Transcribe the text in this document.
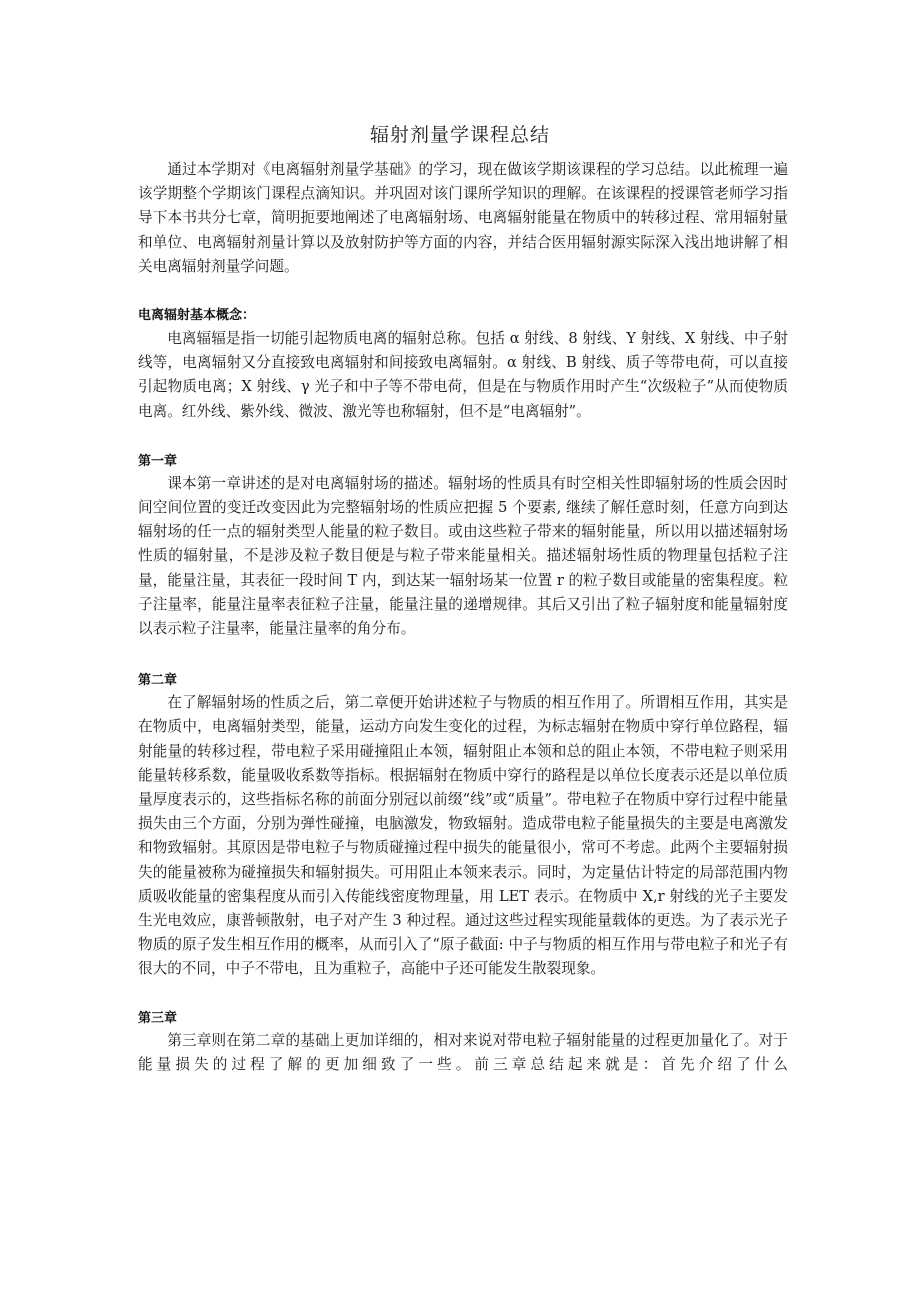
辐射剂量学课程总结

通过本学期对《电离辐射剂量学基础》的学习，现在做该学期该课程的学习总结。以此梳理一遍该学期整个学期该门课程点滴知识。并巩固对该门课所学知识的理解。在该课程的授课管老师学习指导下本书共分七章，简明扼要地阐述了电离辐射场、电离辐射能量在物质中的转移过程、常用辐射量和单位、电离辐射剂量计算以及放射防护等方面的内容，并结合医用辐射源实际深入浅出地讲解了相关电离辐射剂量学问题。

电离辐射基本概念：

电离辐辐是指一切能引起物质电离的辐射总称。包括 α 射线、8 射线、Y 射线、X 射线、中子射线等，电离辐射又分直接致电离辐射和间接致电离辐射。α 射线、B 射线、质子等带电荷，可以直接引起物质电离；X 射线、γ 光子和中子等不带电荷，但是在与物质作用时产生“次级粒子”从而使物质电离。红外线、紫外线、微波、激光等也称辐射，但不是“电离辐射”。

第一章

课本第一章讲述的是对电离辐射场的描述。辐射场的性质具有时空相关性即辐射场的性质会因时间空间位置的变迁改变因此为完整辐射场的性质应把握 5 个要素, 继续了解任意时刻，任意方向到达辐射场的任一点的辐射类型人能量的粒子数目。或由这些粒子带来的辐射能量，所以用以描述辐射场性质的辐射量，不是涉及粒子数目便是与粒子带来能量相关。描述辐射场性质的物理量包括粒子注量，能量注量，其表征一段时间 T 内，到达某一辐射场某一位置 r 的粒子数目或能量的密集程度。粒子注量率，能量注量率表征粒子注量，能量注量的递增规律。其后又引出了粒子辐射度和能量辐射度以表示粒子注量率，能量注量率的角分布。

第二章

在了解辐射场的性质之后，第二章便开始讲述粒子与物质的相互作用了。所谓相互作用，其实是在物质中，电离辐射类型，能量，运动方向发生变化的过程，为标志辐射在物质中穿行单位路程，辐射能量的转移过程，带电粒子采用碰撞阻止本领，辐射阻止本领和总的阻止本领，不带电粒子则采用能量转移系数，能量吸收系数等指标。根据辐射在物质中穿行的路程是以单位长度表示还是以单位质量厚度表示的，这些指标名称的前面分别冠以前缀“线”或“质量”。带电粒子在物质中穿行过程中能量损失由三个方面，分别为弹性碰撞，电脑激发，物致辐射。造成带电粒子能量损失的主要是电离激发和物致辐射。其原因是带电粒子与物质碰撞过程中损失的能量很小，常可不考虑。此两个主要辐射损失的能量被称为碰撞损失和辐射损失。可用阻止本领来表示。同时，为定量估计特定的局部范围内物质吸收能量的密集程度从而引入传能线密度物理量，用 LET 表示。在物质中 X,r 射线的光子主要发生光电效应，康普顿散射，电子对产生 3 种过程。通过这些过程实现能量载体的更迭。为了表示光子物质的原子发生相互作用的概率，从而引入了“原子截面: 中子与物质的相互作用与带电粒子和光子有很大的不同，中子不带电，且为重粒子，高能中子还可能发生散裂现象。

第三章

第三章则在第二章的基础上更加详细的，相对来说对带电粒子辐射能量的过程更加量化了。对于能量损失的过程了解的更加细致了一些。前三章总结起来就是：首先介绍了什么
